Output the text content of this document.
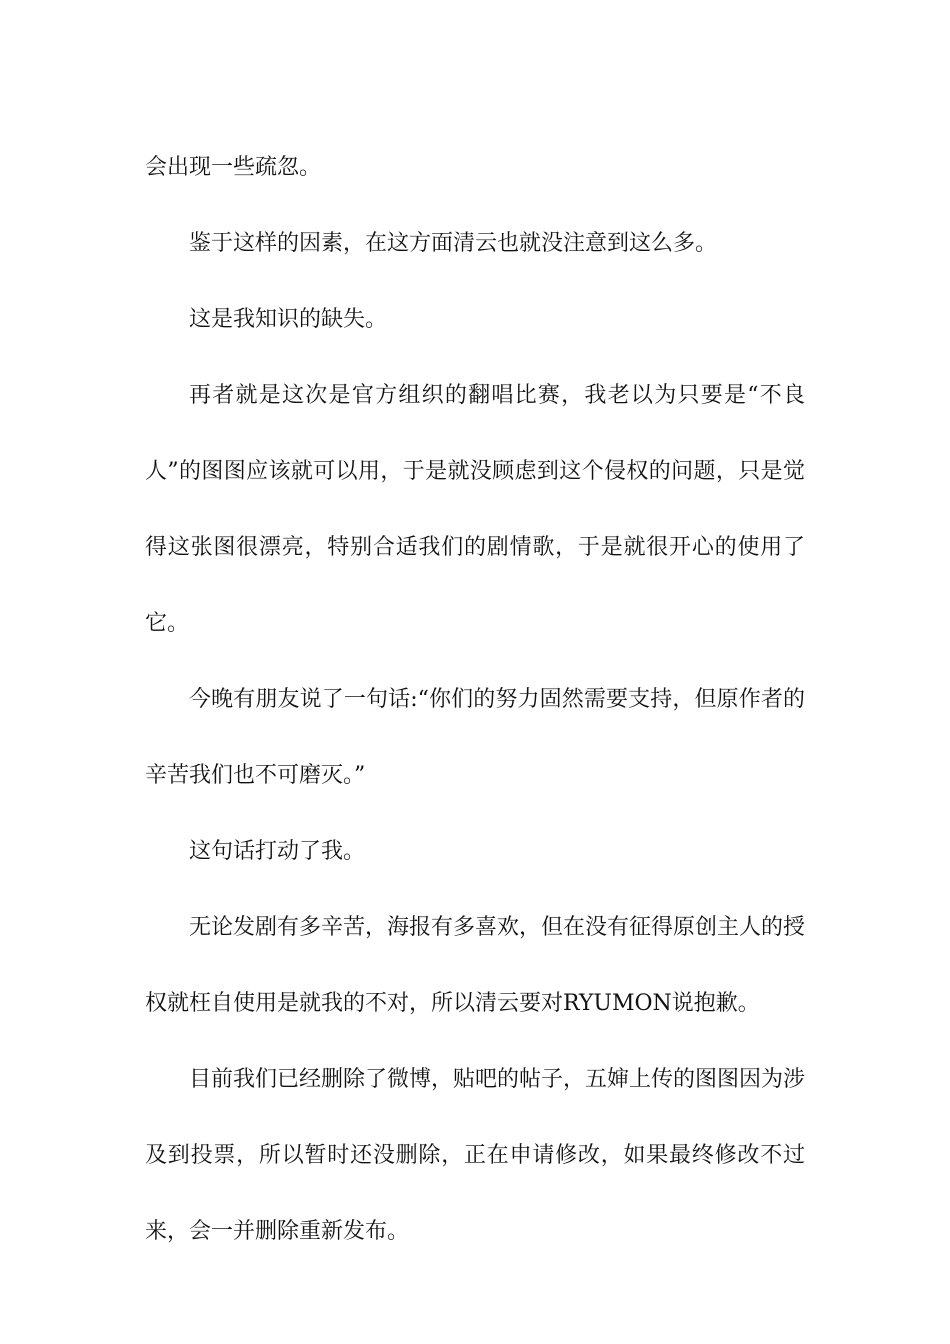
会出现一些疏忽。

鉴于这样的因素，在这方面清云也就没注意到这么多。

这是我知识的缺失。

再者就是这次是官方组织的翻唱比赛，我老以为只要是“不良人”的图图应该就可以用，于是就没顾虑到这个侵权的问题，只是觉得这张图很漂亮，特别合适我们的剧情歌，于是就很开心的使用了它。

今晚有朋友说了一句话:“你们的努力固然需要支持，但原作者的辛苦我们也不可磨灭。”

这句话打动了我。

无论发剧有多辛苦，海报有多喜欢，但在没有征得原创主人的授权就枉自使用是就我的不对，所以清云要对RYUMON说抱歉。

目前我们已经删除了微博，贴吧的帖子，五婶上传的图图因为涉及到投票，所以暂时还没删除，正在申请修改，如果最终修改不过来，会一并删除重新发布。
